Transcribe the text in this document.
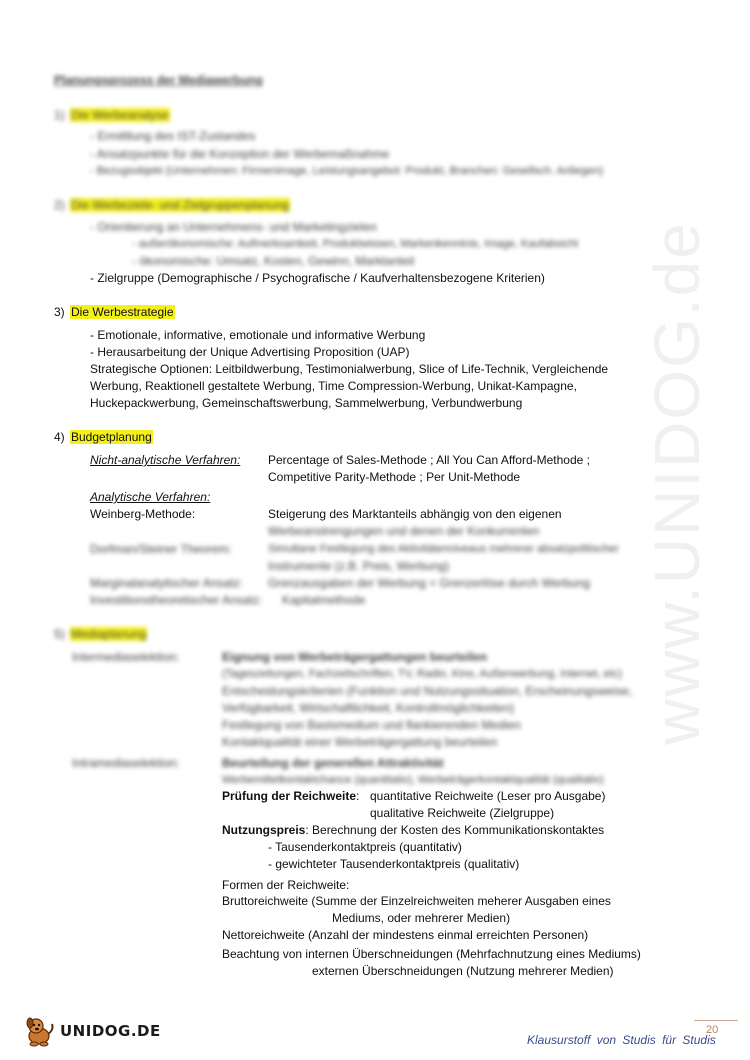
www.UNIDOG.de
Planungsprozess der Mediawerbung
1) Die Werbeanalyse
- Ermittlung des IST-Zustandes
- Ansatzpunkte für die Konzeption der Werbemaßnahme
- Bezugsobjekt (Unternehmen: Firmenimage, Leistungsangebot: Produkt, Branchen: Gesellsch. Anliegen)
2) Die Werbeziele- und Zielgruppenplanung
- Orientierung an Unternehmens- und Marketingzielen
- außerökonomische: Aufmerksamkeit, Produktwissen, Markenkenntnis, Image, Kaufabsicht
- ökonomische: Umsatz, Kosten, Gewinn, Marktanteil
- Zielgruppe (Demographische / Psychografische / Kaufverhaltensbezogene Kriterien)
3) Die Werbestrategie
- Emotionale, informative, emotionale und informative Werbung
- Herausarbeitung der Unique Advertising Proposition (UAP)
Strategische Optionen: Leitbildwerbung, Testimonialwerbung, Slice of Life-Technik, Vergleichende
Werbung, Reaktionell gestaltete Werbung, Time Compression-Werbung, Unikat-Kampagne,
Huckepackwerbung, Gemeinschaftswerbung, Sammelwerbung, Verbundwerbung
4) Budgetplanung
Nicht-analytische Verfahren: Percentage of Sales-Methode ; All You Can Afford-Methode ;
Competitive Parity-Methode ; Per Unit-Methode
Analytische Verfahren:
Weinberg-Methode:	Steigerung des Marktanteils abhängig von den eigenen
Werbeanstrengungen und denen der Konkurrenten
Dorfman/Steiner Theorem:	Simultane Festlegung des Aktivitätenniveaus mehrerer absatzpolitischer
Instrumente (z.B. Preis, Werbung)
Marginalanalytischer Ansatz: Grenzausgaben der Werbung = Grenzerlöse durch Werbung
Investitionstheoretischer Ansatz: Kapitalmethode
5) Mediaplanung
Intermediaselektion:	Eignung von Werbeträgergattungen beurteilen
(Tageszeitungen, Fachzeitschriften, TV, Radio, Kino, Außenwerbung, Internet, etc)
Entscheidungskriterien (Funktion und Nutzungssituation, Erscheinungsweise,
Verfügbarkeit, Wirtschaftlichkeit, Kontrollmöglichkeiten)
Festlegung von Basismedium und flankierenden Medien
Kontaktqualität einer Werbeträgergattung beurteilen
Intramediaselektion:	Beurteilung der generellen Attraktivität
Werbemittelkontaktchance (quantitativ), Werbeträgerkontaktqualität (qualitativ)
Prüfung der Reichweite: quantitative Reichweite (Leser pro Ausgabe)
qualitative Reichweite (Zielgruppe)
Nutzungspreis: Berechnung der Kosten des Kommunikationskontaktes
- Tausenderkontaktpreis (quantitativ)
- gewichteter Tausenderkontaktpreis (qualitativ)
Formen der Reichweite:
Bruttoreichweite (Summe der Einzelreichweiten meherer Ausgaben eines
Mediums, oder mehrerer Medien)
Nettoreichweite (Anzahl der mindestens einmal erreichten Personen)
Beachtung von internen Überschneidungen (Mehrfachnutzung eines Mediums)
externen Überschneidungen (Nutzung mehrerer Medien)
UNIDOG.DE	20
Klausurstoff von Studis für Studis
